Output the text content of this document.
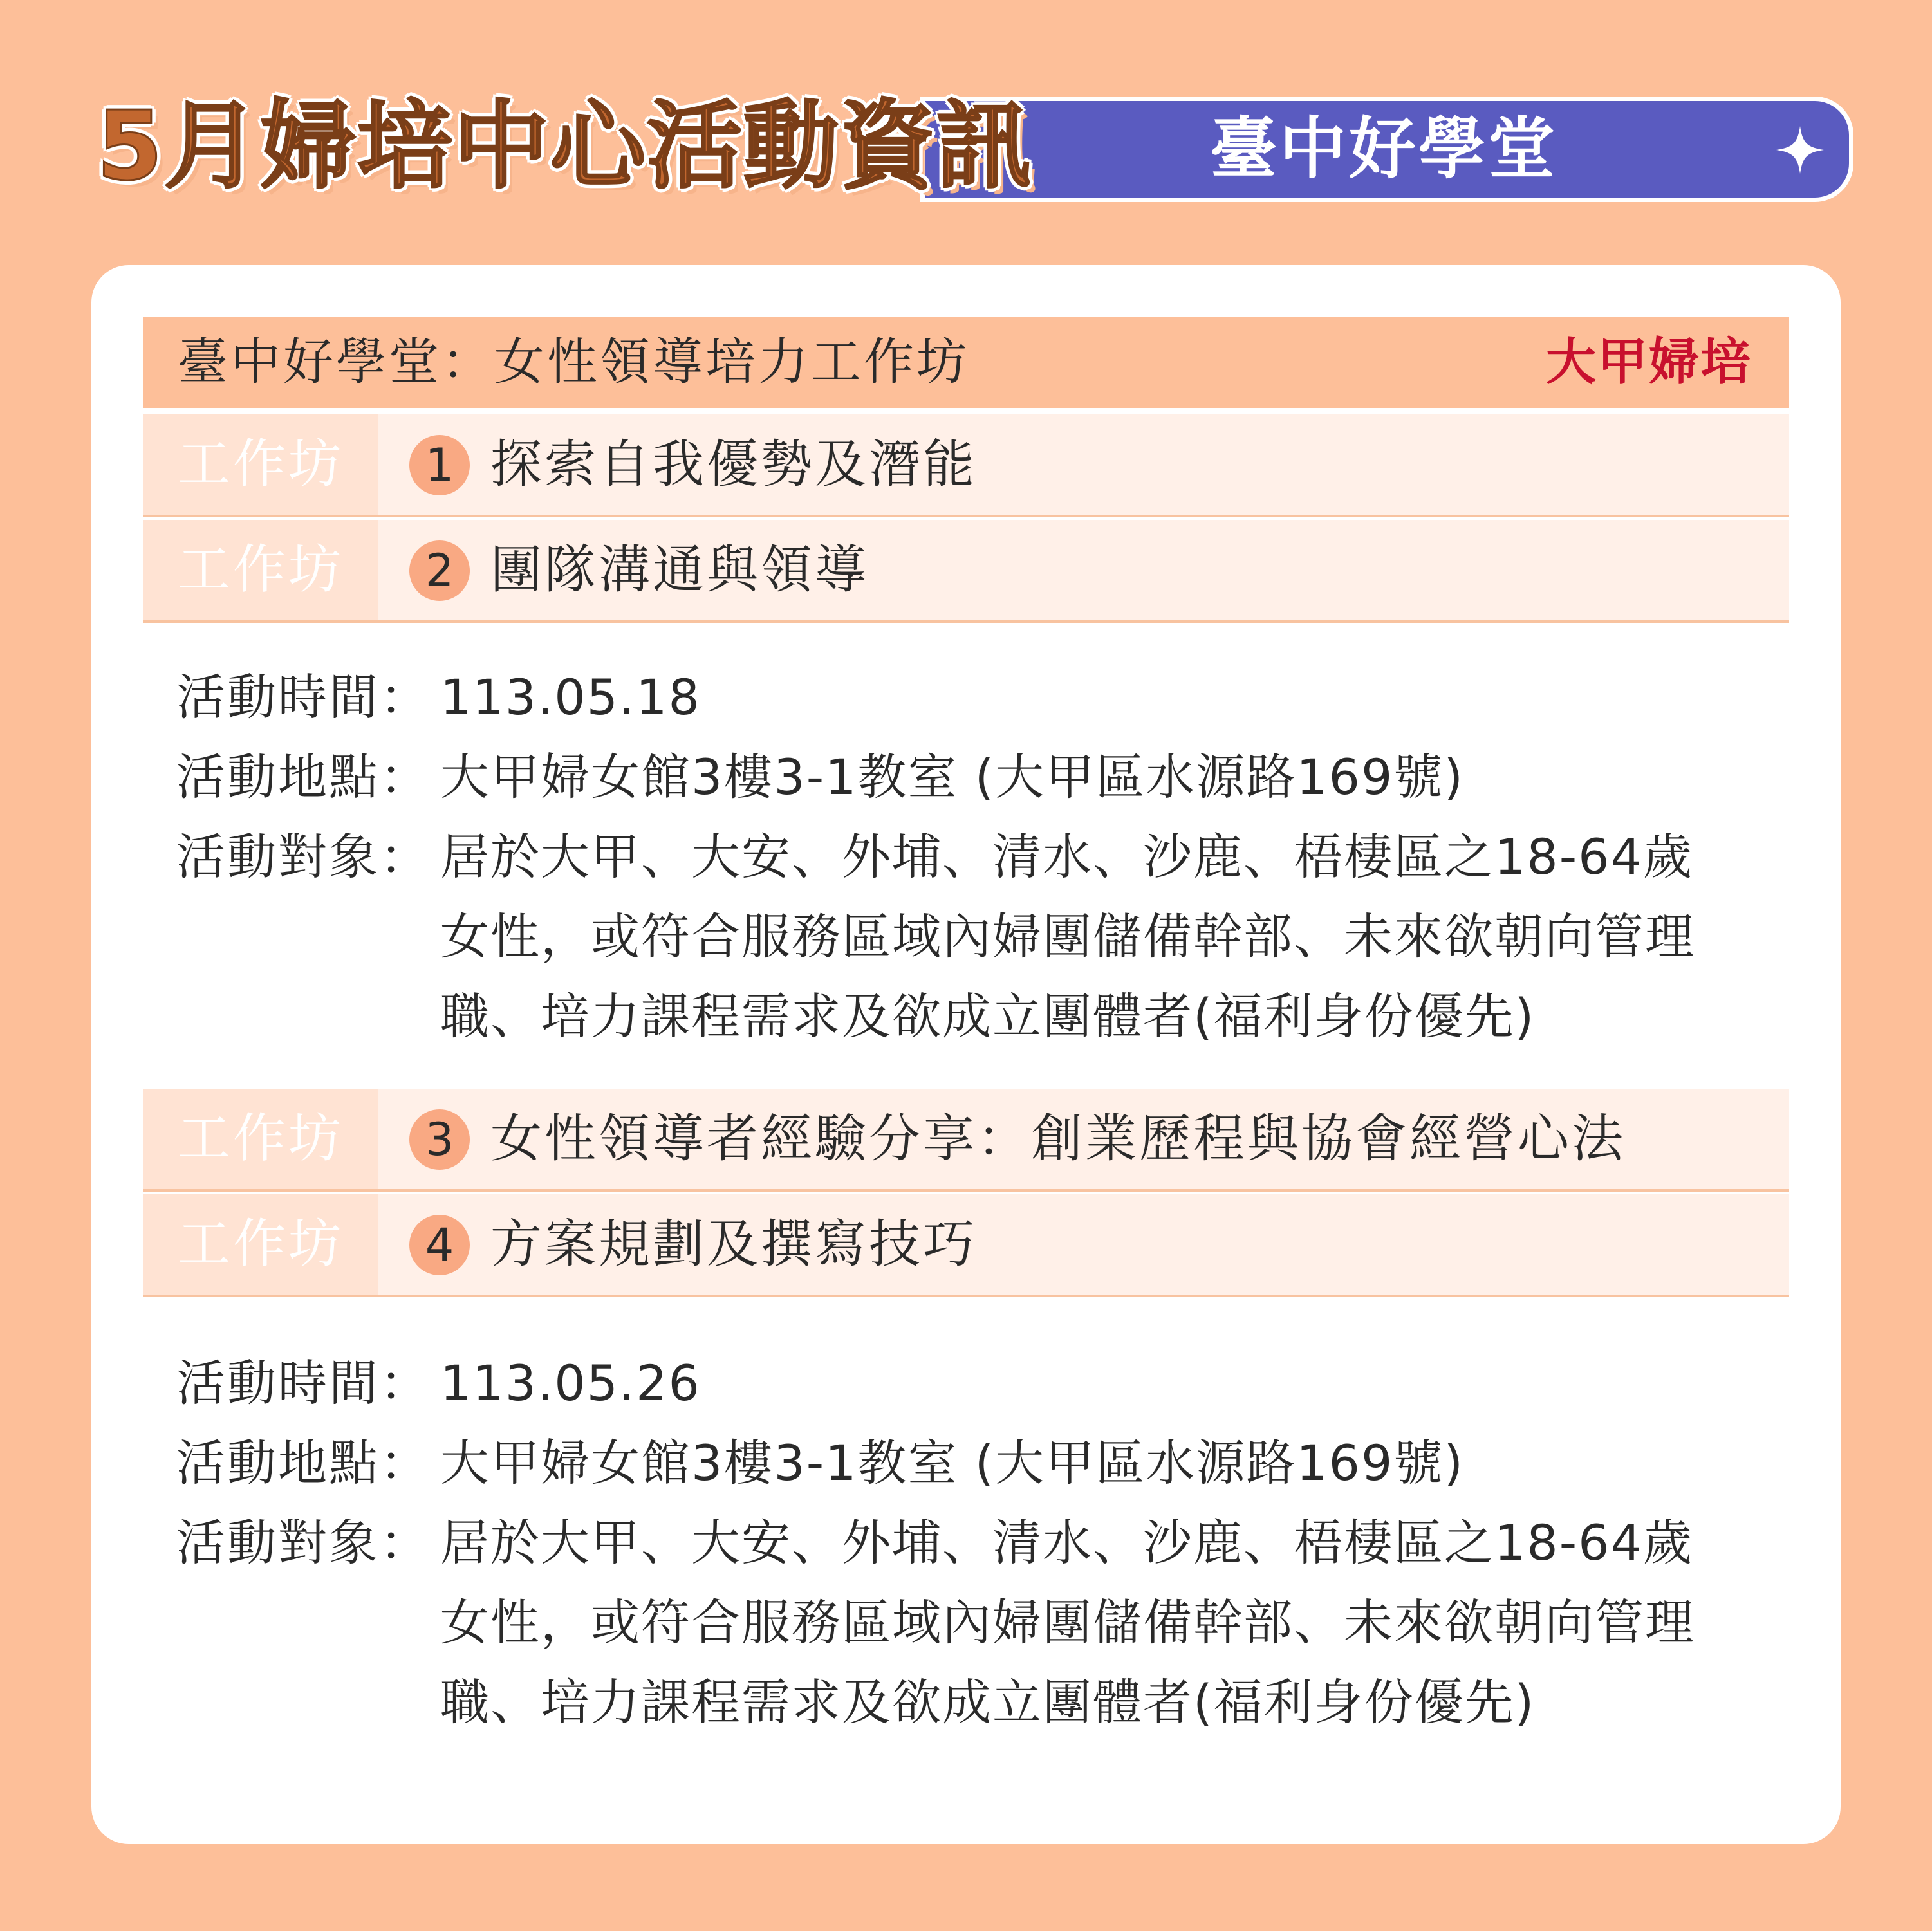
臺中好學堂
5月婦培中心活動資訊
臺中好學堂：女性領導培力工作坊	大甲婦培
工作坊	1 探索自我優勢及潛能
工作坊	2 團隊溝通與領導
活動時間： 113.05.18
活動地點： 大甲婦女館3樓3-1教室 (大甲區水源路169號)
活動對象： 居於大甲、大安、外埔、清水、沙鹿、梧棲區之18-64歲
女性，或符合服務區域內婦團儲備幹部、未來欲朝向管理
職、培力課程需求及欲成立團體者(福利身份優先)
工作坊	3 女性領導者經驗分享：創業歷程與協會經營心法
工作坊	4 方案規劃及撰寫技巧
活動時間： 113.05.26
活動地點： 大甲婦女館3樓3-1教室 (大甲區水源路169號)
活動對象： 居於大甲、大安、外埔、清水、沙鹿、梧棲區之18-64歲
女性，或符合服務區域內婦團儲備幹部、未來欲朝向管理
職、培力課程需求及欲成立團體者(福利身份優先)
